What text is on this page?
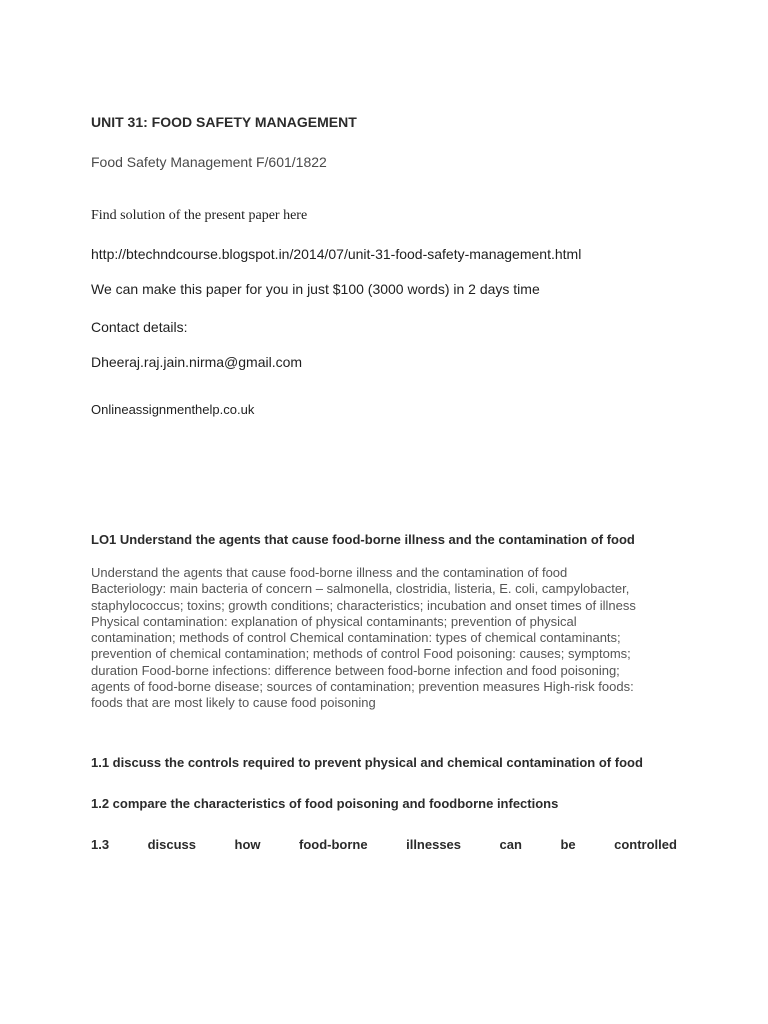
UNIT 31: FOOD SAFETY MANAGEMENT

Food Safety Management F/601/1822

Find solution of the present paper here

http://btechndcourse.blogspot.in/2014/07/unit-31-food-safety-management.html

We can make this paper for you in just $100 (3000 words) in 2 days time

Contact details:

Dheeraj.raj.jain.nirma@gmail.com

Onlineassignmenthelp.co.uk

LO1 Understand the agents that cause food-borne illness and the contamination of food

Understand the agents that cause food-borne illness and the contamination of food
Bacteriology: main bacteria of concern – salmonella, clostridia, listeria, E. coli, campylobacter,
staphylococcus; toxins; growth conditions; characteristics; incubation and onset times of illness
Physical contamination: explanation of physical contaminants; prevention of physical
contamination; methods of control Chemical contamination: types of chemical contaminants;
prevention of chemical contamination; methods of control Food poisoning: causes; symptoms;
duration Food-borne infections: difference between food-borne infection and food poisoning;
agents of food-borne disease; sources of contamination; prevention measures High-risk foods:
foods that are most likely to cause food poisoning

1.1 discuss the controls required to prevent physical and chemical contamination of food

1.2 compare the characteristics of food poisoning and foodborne infections

1.3	discuss	how	food-borne	illnesses	can	be	controlled
